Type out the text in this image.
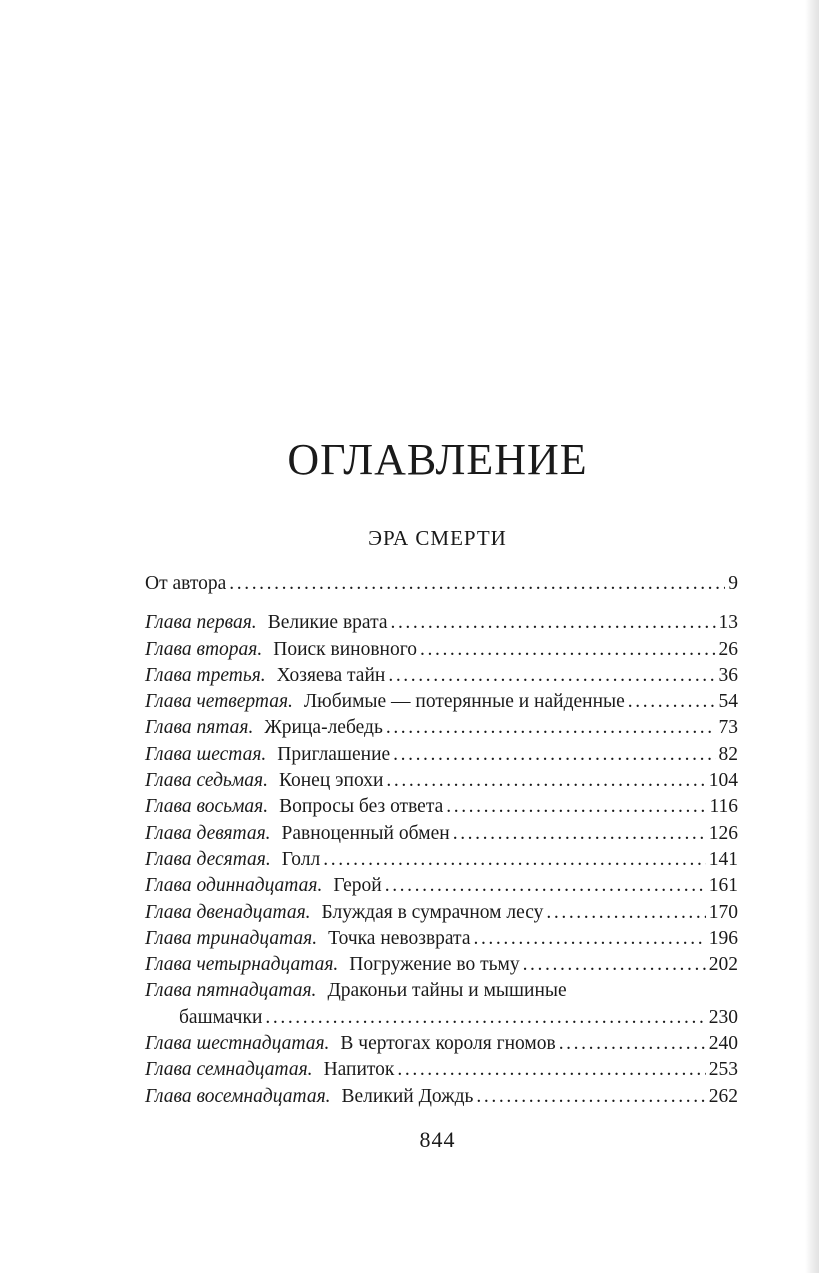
ОГЛАВЛЕНИЕ
ЭРА СМЕРТИ
От автора .....	9
Глава первая. Великие врата .....	13
Глава вторая. Поиск виновного .....	26
Глава третья. Хозяева тайн .....	36
Глава четвертая. Любимые — потерянные и найденные .....	54
Глава пятая. Жрица-лебедь .....	73
Глава шестая. Приглашение .....	82
Глава седьмая. Конец эпохи .....	104
Глава восьмая. Вопросы без ответа .....	116
Глава девятая. Равноценный обмен .....	126
Глава десятая. Голл .....	141
Глава одиннадцатая. Герой .....	161
Глава двенадцатая. Блуждая в сумрачном лесу .....	170
Глава тринадцатая. Точка невозврата .....	196
Глава четырнадцатая. Погружение во тьму .....	202
Глава пятнадцатая. Драконьи тайны и мышиные
башмачки .....	230
Глава шестнадцатая. В чертогах короля гномов .....	240
Глава семнадцатая. Напиток .....	253
Глава восемнадцатая. Великий Дождь .....	262
844
